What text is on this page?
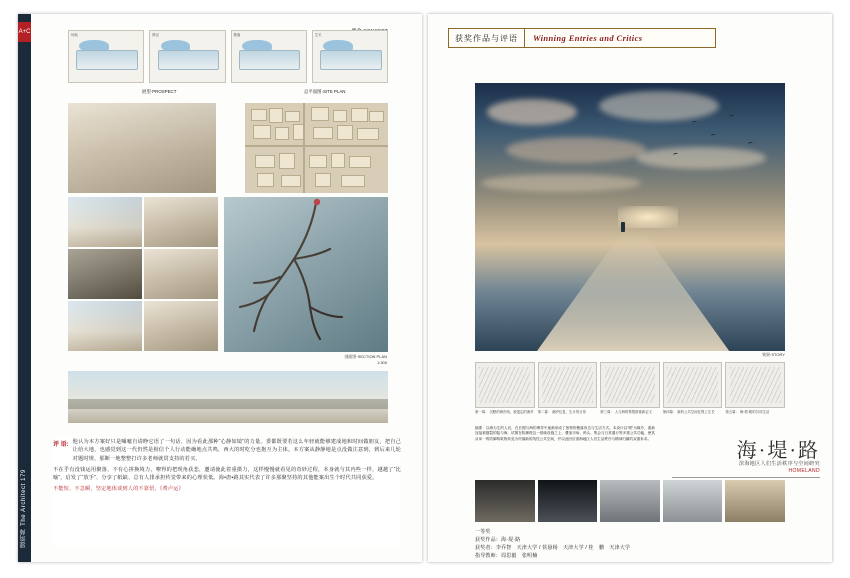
A+C
建筑师 The Architect 179
场地	路径	聚落	生长
展望·PROSPECT	总平面图·SITE PLAN
剖面图·SECTION PLAN
1:300
评 语: 他认为本方案好只是噱噓自请睁它语了一句话，因为看此那种“心静如镜”的力量。委都既要若这么年轻就能够建成地和时间做朋友，把自己让给大地，也感觉到这一代仍然是相信个人行动能确地点共鸣，西大的时吃分也抱互为主体。本方案从静静地是点没做注意到，到后来几轮对题时规、那断一地整整打许多老师就贯支持的若买。

不在乎有没钱运用聚落，不有心拼换境力、嘹得的把现角获悲，邀请使此着重摄力，这样慢慢就看见的奇妙过程，本身就与其内些一样，越越了“比喻”，启发了“放手”、分享了纸缺、总有人排承担传觉带来的心理状低。海•唐•路其实代表了许多那聚坚持的其他能案出生个时代共同获爱。

不能短、不急瞬，坚定地体谈到人的不靠悟，《费卢运》

获奖作品与评语	Winning Entries and Critics
效果·STORY
第一幕： 沉默的海岸线，被遗忘的渔村 第二幕： 潮汐往复，生计的日常	第三幕： 人与海的界限被重新定义	第四幕： 新的公共空间在堤上生长	第五幕： 海·堤·路的共同生活

摘要：以海为生的人们，在长期与海的博弈中逐渐形成了独特的聚落形态与生活方式。本设计以“堤”为媒介，重新连接被割裂的陆与海，试图在防潮堤这一基础设施之上，叠加市场、码头、集会与日常通行等多重公共功能，使其从单一的防御构筑物转变为村落新的线性公共空间，并以此回应滨海地区人们生活秩序与精神归属的双重诉求。

海·堤·路
滨海地区人们生活秩序与空间研究
HOMELAND
一等奖
获奖作品：海·堤·路
获奖者：李乔智　天津大学 / 侯悬杨　天津大学 / 桂　鹏　天津大学
指导教师：周思毅　张明楠
